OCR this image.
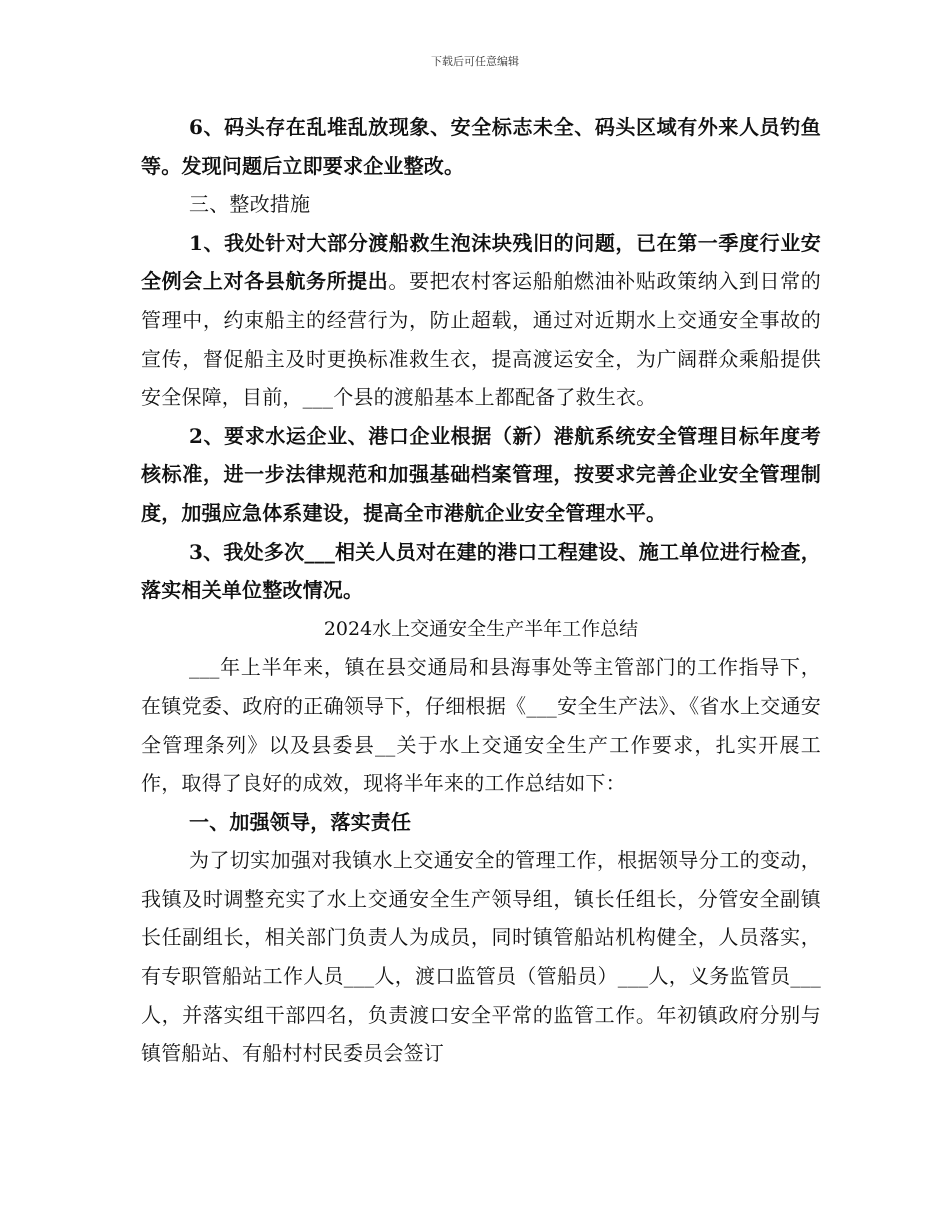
下载后可任意编辑

6、码头存在乱堆乱放现象、安全标志未全、码头区域有外来人员钓鱼等。发现问题后立即要求企业整改。

三、整改措施

1、我处针对大部分渡船救生泡沫块残旧的问题，已在第一季度行业安全例会上对各县航务所提出。要把农村客运船舶燃油补贴政策纳入到日常的管理中，约束船主的经营行为，防止超载，通过对近期水上交通安全事故的宣传，督促船主及时更换标准救生衣，提高渡运安全，为广阔群众乘船提供安全保障，目前，___个县的渡船基本上都配备了救生衣。

2、要求水运企业、港口企业根据（新）港航系统安全管理目标年度考核标准，进一步法律规范和加强基础档案管理，按要求完善企业安全管理制度，加强应急体系建设，提高全市港航企业安全管理水平。

3、我处多次___相关人员对在建的港口工程建设、施工单位进行检查，落实相关单位整改情况。

2024水上交通安全生产半年工作总结

___年上半年来，镇在县交通局和县海事处等主管部门的工作指导下，在镇党委、政府的正确领导下，仔细根据《___安全生产法》、《省水上交通安全管理条列》以及县委县__关于水上交通安全生产工作要求，扎实开展工作，取得了良好的成效，现将半年来的工作总结如下：

一、加强领导，落实责任

为了切实加强对我镇水上交通安全的管理工作，根据领导分工的变动，我镇及时调整充实了水上交通安全生产领导组，镇长任组长，分管安全副镇长任副组长，相关部门负责人为成员，同时镇管船站机构健全，人员落实，有专职管船站工作人员___人，渡口监管员（管船员）___人，义务监管员___人，并落实组干部四名，负责渡口安全平常的监管工作。年初镇政府分别与镇管船站、有船村村民委员会签订
